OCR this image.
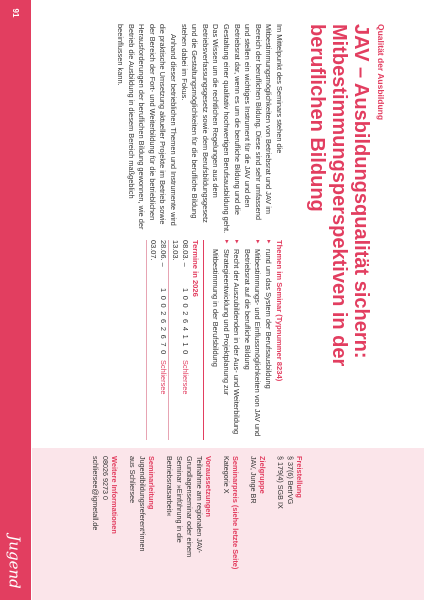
91
Jugend
Qualität der Ausbildung
JAV – Ausbildungsqualität sichern:
Mitbestimmungsperspektiven in der
beruflichen Bildung

Im Mittelpunkt des Seminars stehen die Mitbestimmungsmöglichkeiten von Betriebsrat und JAV im Bereich der beruflichen Bildung. Diese sind sehr umfassend und stellen ein wichtiges Instrument für die JAV und den Betriebsrat dar, wenn es um die berufliche Bildung und die Gestaltung einer qualitativ hochwertigen Berufsausbildung geht. Das Wissen um die rechtlichen Regelungen aus dem Betriebsverfassungsgesetz sowie dem Berufsbildungsgesetz und die Gestaltungsmöglichkeiten für die berufliche Bildung stehen dabei im Fokus.

Anhand dieser betrieblichen Themen und Instrumente wird die praktische Umsetzung aktueller Projekte im Betrieb sowie der Bereich der Fort- und Weiterbildung für die betrieblichen Herausforderungen der beruflichen Bildung gewonnen, wie der Betrieb die Ausbildung in diesem Bereich maßgeblich beeinflussen kann.

Themen im Seminar (Typnummer 8234)
▸
rund um das System der Berufsausbildung
▸
Mitbestimmungs- und Einflussmöglichkeiten von JAV und Betriebsrat auf die berufliche Bildung
▸
Recht der Auszubildenden in der Aus- und Weiterbildung
▸
Strategieentwicklung und Projektplanung zur Mitbestimmung in der Berufsbildung
Termine in 2026
08.03. – 13.03.
1 0 0 2 6 4 1 1 0
Schliersee
28.06. – 03.07.
1 0 0 2 6 2 6 7 0
Schliersee
Freistellung
§ 37(6) BetrVG
§ 179(4) SGB IX
Zielgruppe
JAV, Junge BR
Seminarpreis (siehe letzte Seite)
Kategorie X
Voraussetzungen
Teilnahme am regionalen JAV-
Grundlagenseminar oder einem
Seminar »Einführung in die
Betriebsratsarbeit«
Seminarleitung
Jugendbildungsreferent*innen
aus Schliersee
Weitere Informationen
08026 9273 0
schliersee@igmetall.de
